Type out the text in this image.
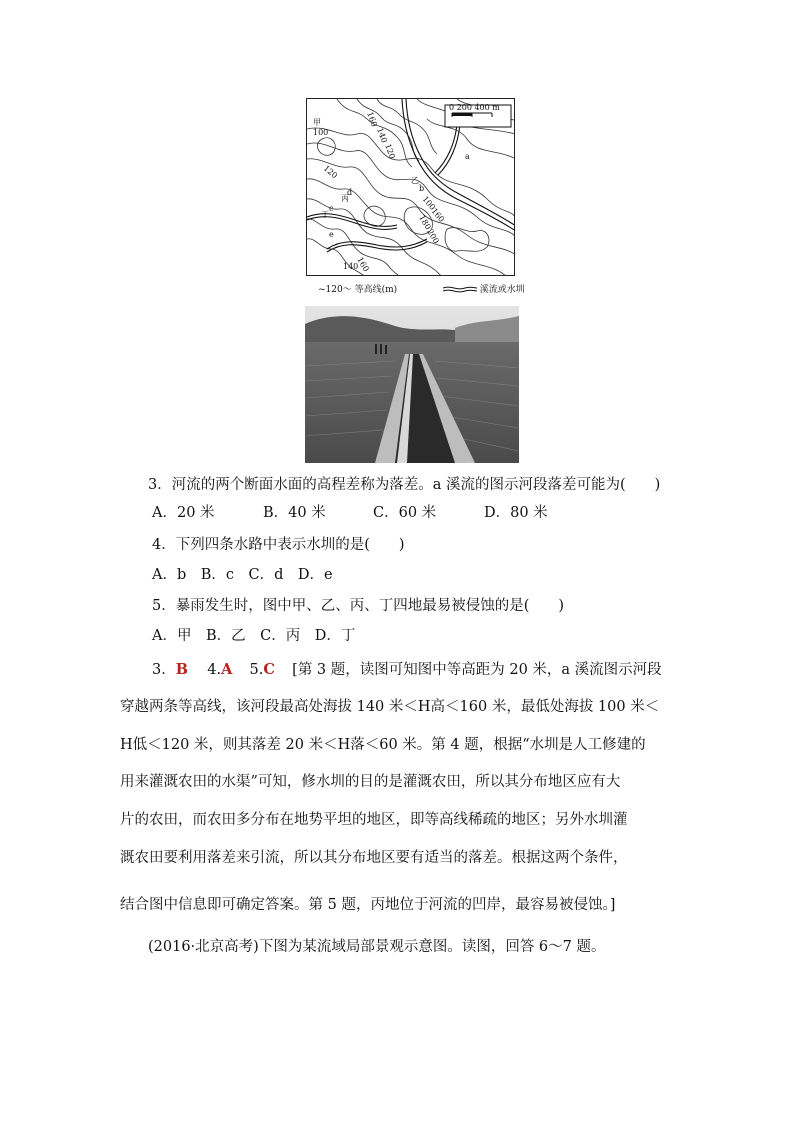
0 200 400 m
甲
100
乙
丙
丁
a
b
c
d
e
160
140
120
120
100
160
180
200
140
160
~120～ 等高线(m)	溪流或水圳
3．河流的两个断面水面的高程差称为落差。a 溪流的图示河段落差可能为(　　)
A．20 米	B．40 米	C．60 米	D．80 米
4．下列四条水路中表示水圳的是(　　)
A．b　B．c　C．d　D．e
5．暴雨发生时，图中甲、乙、丙、丁四地最易被侵蚀的是(　　)
A．甲　B．乙　C．丙　D．丁
3．B 4.A 5.C [第 3 题，读图可知图中等高距为 20 米，a 溪流图示河段
穿越两条等高线，该河段最高处海拔 140 米＜H高＜160 米，最低处海拔 100 米＜
H低＜120 米，则其落差 20 米＜H落＜60 米。第 4 题，根据“水圳是人工修建的
用来灌溉农田的水渠”可知，修水圳的目的是灌溉农田，所以其分布地区应有大
片的农田，而农田多分布在地势平坦的地区，即等高线稀疏的地区；另外水圳灌
溉农田要利用落差来引流，所以其分布地区要有适当的落差。根据这两个条件，
结合图中信息即可确定答案。第 5 题，丙地位于河流的凹岸，最容易被侵蚀。]
(2016·北京高考)下图为某流域局部景观示意图。读图，回答 6～7 题。
